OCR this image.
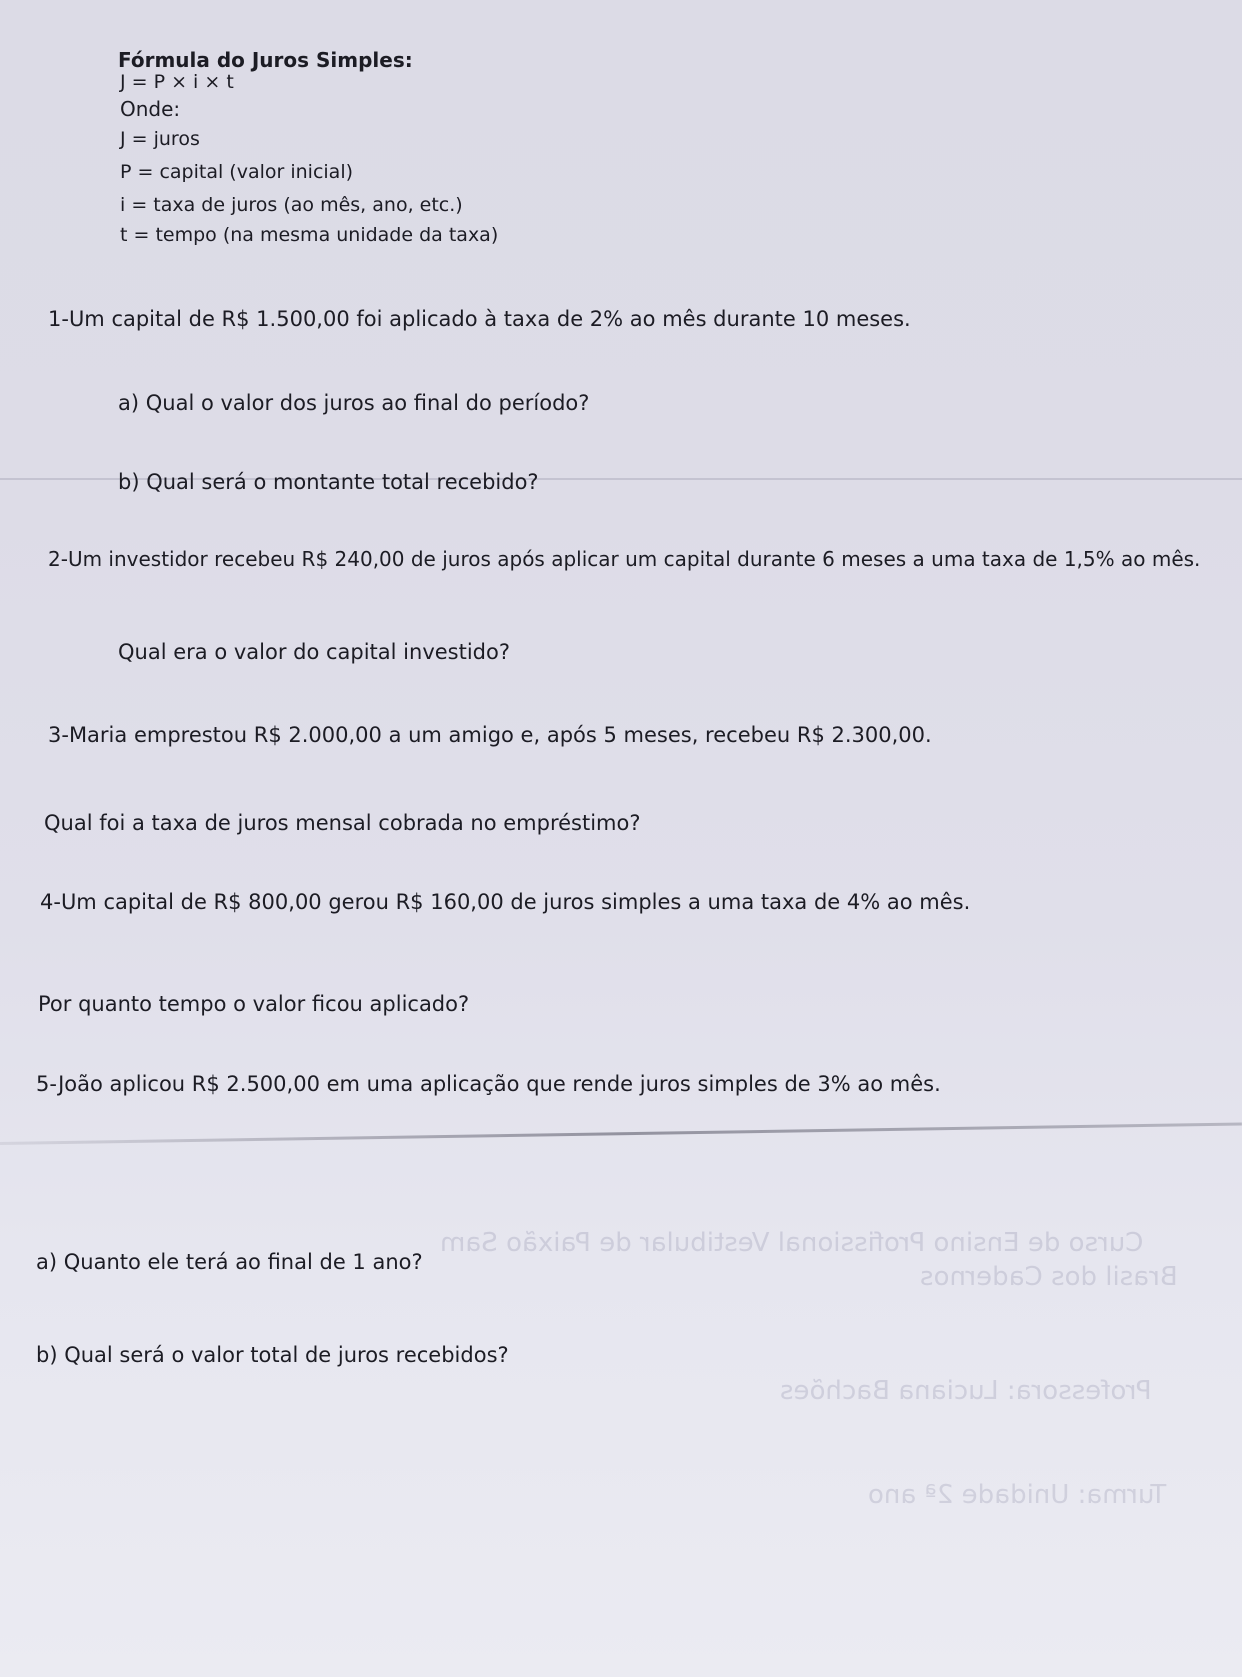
Curso de Ensino Profissional Vestibular de Paixão Sam
Brasil dos Cadernos
Professora: Luciana Bachões
Turma: Unidade 2ª ano
Fórmula do Juros Simples:
J = P × i × t
Onde:
J = juros
P = capital (valor inicial)
i = taxa de juros (ao mês, ano, etc.)
t = tempo (na mesma unidade da taxa)
1-Um capital de R$ 1.500,00 foi aplicado à taxa de 2% ao mês durante 10 meses.
a) Qual o valor dos juros ao final do período?
b) Qual será o montante total recebido?
2-Um investidor recebeu R$ 240,00 de juros após aplicar um capital durante 6 meses a uma taxa de 1,5% ao mês.
Qual era o valor do capital investido?
3-Maria emprestou R$ 2.000,00 a um amigo e, após 5 meses, recebeu R$ 2.300,00.
Qual foi a taxa de juros mensal cobrada no empréstimo?
4-Um capital de R$ 800,00 gerou R$ 160,00 de juros simples a uma taxa de 4% ao mês.
Por quanto tempo o valor ficou aplicado?
5-João aplicou R$ 2.500,00 em uma aplicação que rende juros simples de 3% ao mês.
a) Quanto ele terá ao final de 1 ano?
b) Qual será o valor total de juros recebidos?
